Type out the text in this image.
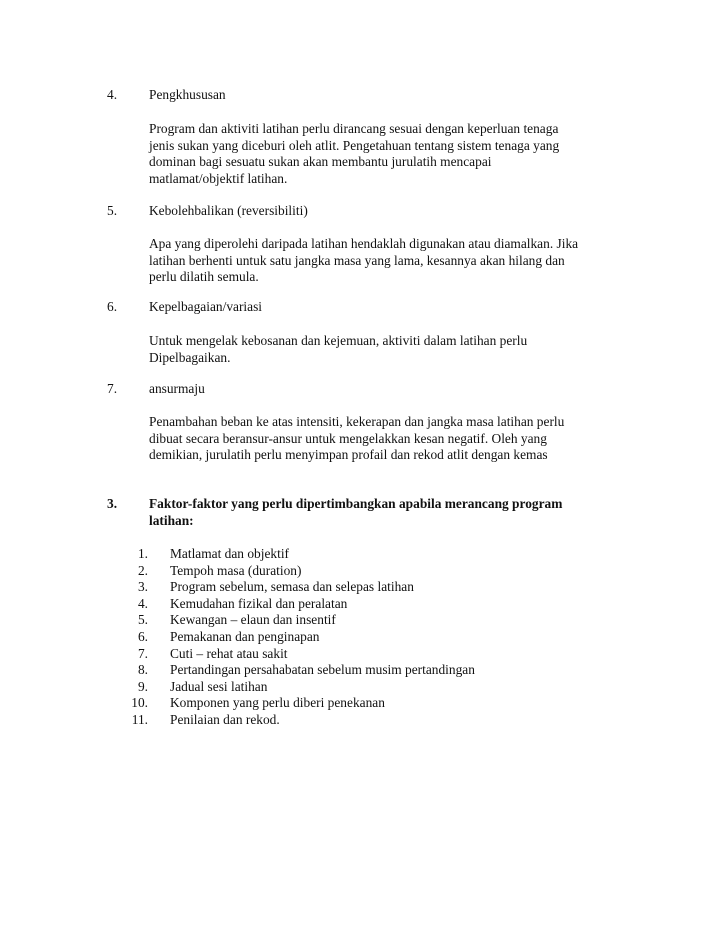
4. Pengkhususan
Program dan aktiviti latihan perlu dirancang sesuai dengan keperluan tenaga
jenis sukan yang diceburi oleh atlit. Pengetahuan tentang sistem tenaga yang
dominan bagi sesuatu sukan akan membantu jurulatih mencapai
matlamat/objektif latihan.
5. Kebolehbalikan (reversibiliti)
Apa yang diperolehi daripada latihan hendaklah digunakan atau diamalkan. Jika
latihan berhenti untuk satu jangka masa yang lama, kesannya akan hilang dan
perlu dilatih semula.
6. Kepelbagaian/variasi
Untuk mengelak kebosanan dan kejemuan, aktiviti dalam latihan perlu
Dipelbagaikan.
7. ansurmaju
Penambahan beban ke atas intensiti, kekerapan dan jangka masa latihan perlu
dibuat secara beransur-ansur untuk mengelakkan kesan negatif. Oleh yang
demikian, jurulatih perlu menyimpan profail dan rekod atlit dengan kemas
3. Faktor-faktor yang perlu dipertimbangkan apabila merancang program
latihan:
1. Matlamat dan objektif
2. Tempoh masa (duration)
3. Program sebelum, semasa dan selepas latihan
4. Kemudahan fizikal dan peralatan
5. Kewangan – elaun dan insentif
6. Pemakanan dan penginapan
7. Cuti – rehat atau sakit
8. Pertandingan persahabatan sebelum musim pertandingan
9. Jadual sesi latihan
10. Komponen yang perlu diberi penekanan
11. Penilaian dan rekod.
